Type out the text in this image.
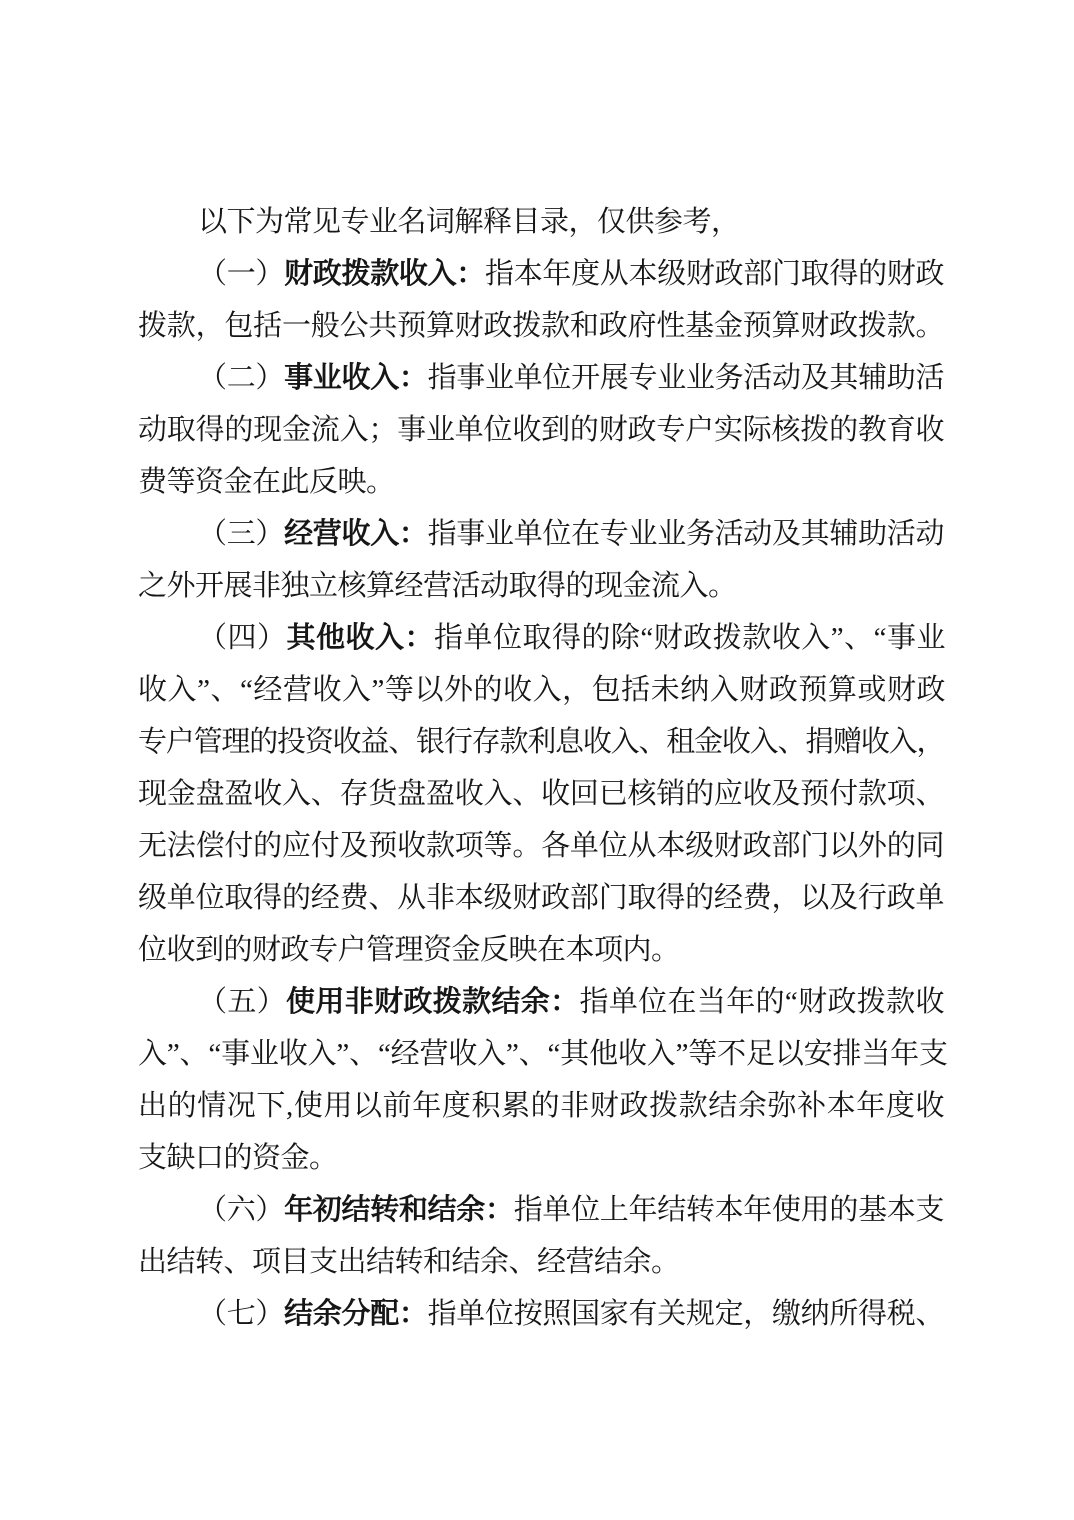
以下为常见专业名词解释目录，仅供参考，
（一）财政拨款收入：指本年度从本级财政部门取得的财政
拨款，包括一般公共预算财政拨款和政府性基金预算财政拨款。
（二）事业收入：指事业单位开展专业业务活动及其辅助活
动取得的现金流入；事业单位收到的财政专户实际核拨的教育收
费等资金在此反映。
（三）经营收入：指事业单位在专业业务活动及其辅助活动
之外开展非独立核算经营活动取得的现金流入。
（四）其他收入：指单位取得的除“财政拨款收入”、“事业
收入”、“经营收入”等以外的收入，包括未纳入财政预算或财政
专户管理的投资收益、银行存款利息收入、租金收入、捐赠收入，
现金盘盈收入、存货盘盈收入、收回已核销的应收及预付款项、
无法偿付的应付及预收款项等。各单位从本级财政部门以外的同
级单位取得的经费、从非本级财政部门取得的经费，以及行政单
位收到的财政专户管理资金反映在本项内。
（五）使用非财政拨款结余：指单位在当年的“财政拨款收
入”、“事业收入”、“经营收入”、“其他收入”等不足以安排当年支
出的情况下,使用以前年度积累的非财政拨款结余弥补本年度收
支缺口的资金。
（六）年初结转和结余：指单位上年结转本年使用的基本支
出结转、项目支出结转和结余、经营结余。
（七）结余分配：指单位按照国家有关规定，缴纳所得税、
